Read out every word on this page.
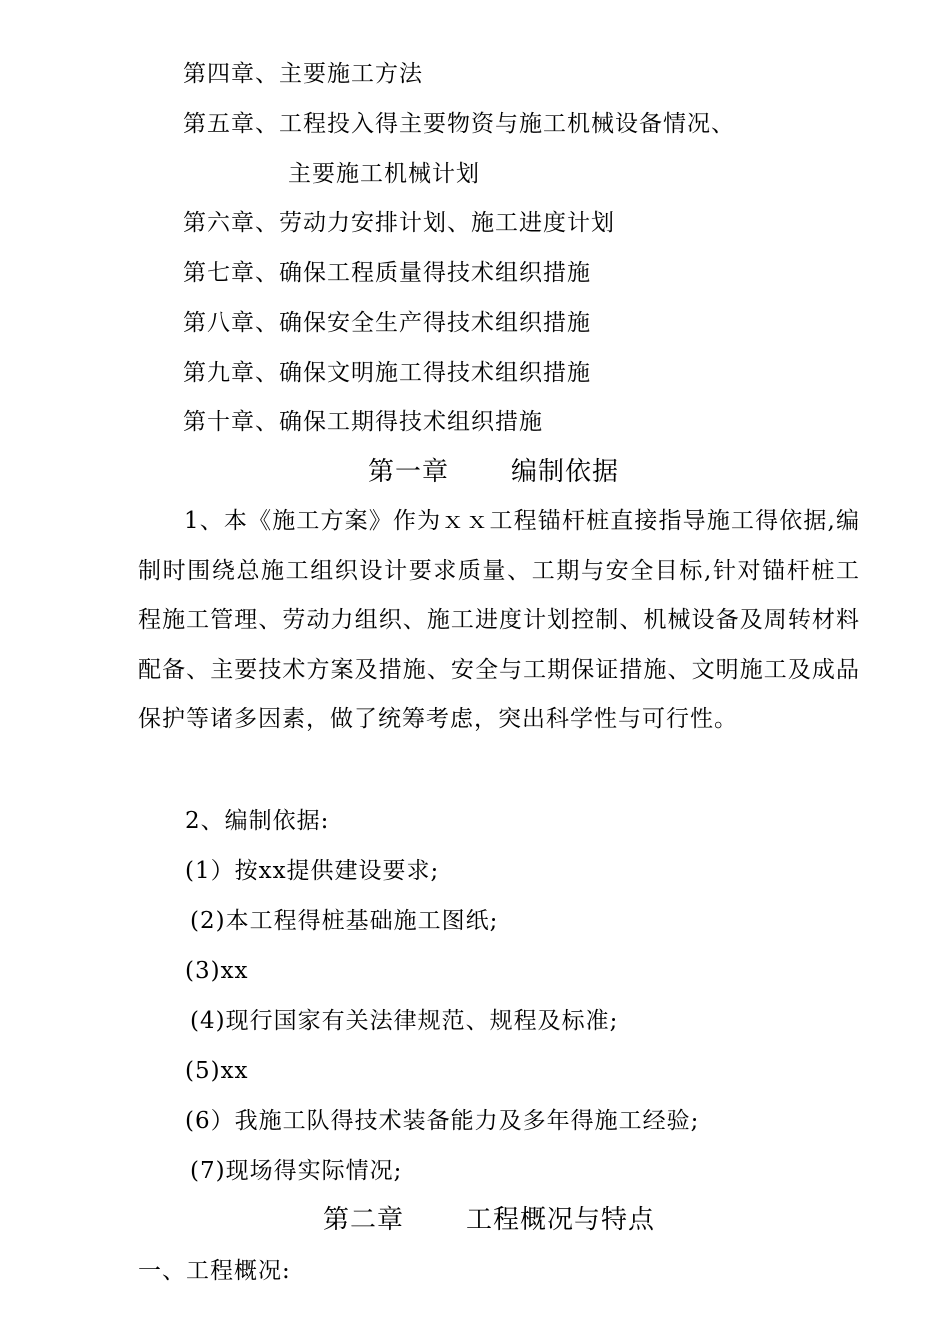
第四章、主要施工方法
第五章、工程投入得主要物资与施工机械设备情况、
主要施工机械计划
第六章、劳动力安排计划、施工进度计划
第七章、确保工程质量得技术组织措施
第八章、确保安全生产得技术组织措施
第九章、确保文明施工得技术组织措施
第十章、确保工期得技术组织措施
第一章 编制依据
1、本《施工方案》作为ｘｘ工程锚杆桩直接指导施工得依据,编制时围绕总施工组织设计要求质量、工期与安全目标,针对锚杆桩工程施工管理、劳动力组织、施工进度计划控制、机械设备及周转材料配备、主要技术方案及措施、安全与工期保证措施、文明施工及成品保护等诸多因素，做了统筹考虑，突出科学性与可行性。
2、编制依据:
(1）按xx提供建设要求;
(2)本工程得桩基础施工图纸;
(3)xx
(4)现行国家有关法律规范、规程及标准;
(5)xx
(6）我施工队得技术装备能力及多年得施工经验;
(7)现场得实际情况;
第二章 工程概况与特点
一、工程概况:
